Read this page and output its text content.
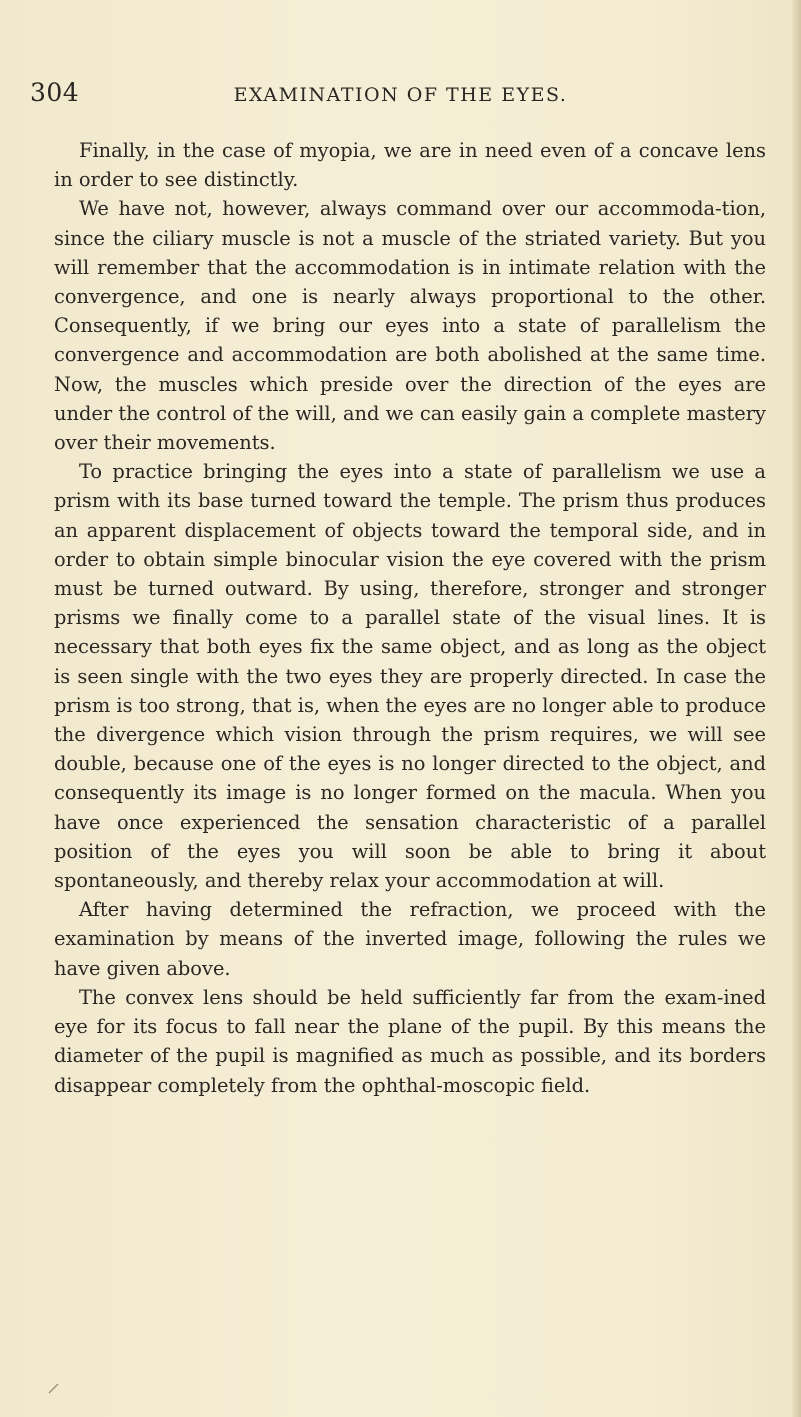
304	EXAMINATION OF THE EYES.

Finally, in the case of myopia, we are in need even of a concave lens in order to see distinctly.

We have not, however, always command over our accommoda-tion, since the ciliary muscle is not a muscle of the striated variety. But you will remember that the accommodation is in intimate relation with the convergence, and one is nearly always proportional to the other. Consequently, if we bring our eyes into a state of parallelism the convergence and accommodation are both abolished at the same time. Now, the muscles which preside over the direction of the eyes are under the control of the will, and we can easily gain a complete mastery over their movements.

To practice bringing the eyes into a state of parallelism we use a prism with its base turned toward the temple. The prism thus produces an apparent displacement of objects toward the temporal side, and in order to obtain simple binocular vision the eye covered with the prism must be turned outward. By using, therefore, stronger and stronger prisms we finally come to a parallel state of the visual lines. It is necessary that both eyes fix the same object, and as long as the object is seen single with the two eyes they are properly directed. In case the prism is too strong, that is, when the eyes are no longer able to produce the divergence which vision through the prism requires, we will see double, because one of the eyes is no longer directed to the object, and consequently its image is no longer formed on the macula. When you have once experienced the sensation characteristic of a parallel position of the eyes you will soon be able to bring it about spontaneously, and thereby relax your accommodation at will.

After having determined the refraction, we proceed with the examination by means of the inverted image, following the rules we have given above.

The convex lens should be held sufficiently far from the exam-ined eye for its focus to fall near the plane of the pupil. By this means the diameter of the pupil is magnified as much as possible, and its borders disappear completely from the ophthal-moscopic field.
